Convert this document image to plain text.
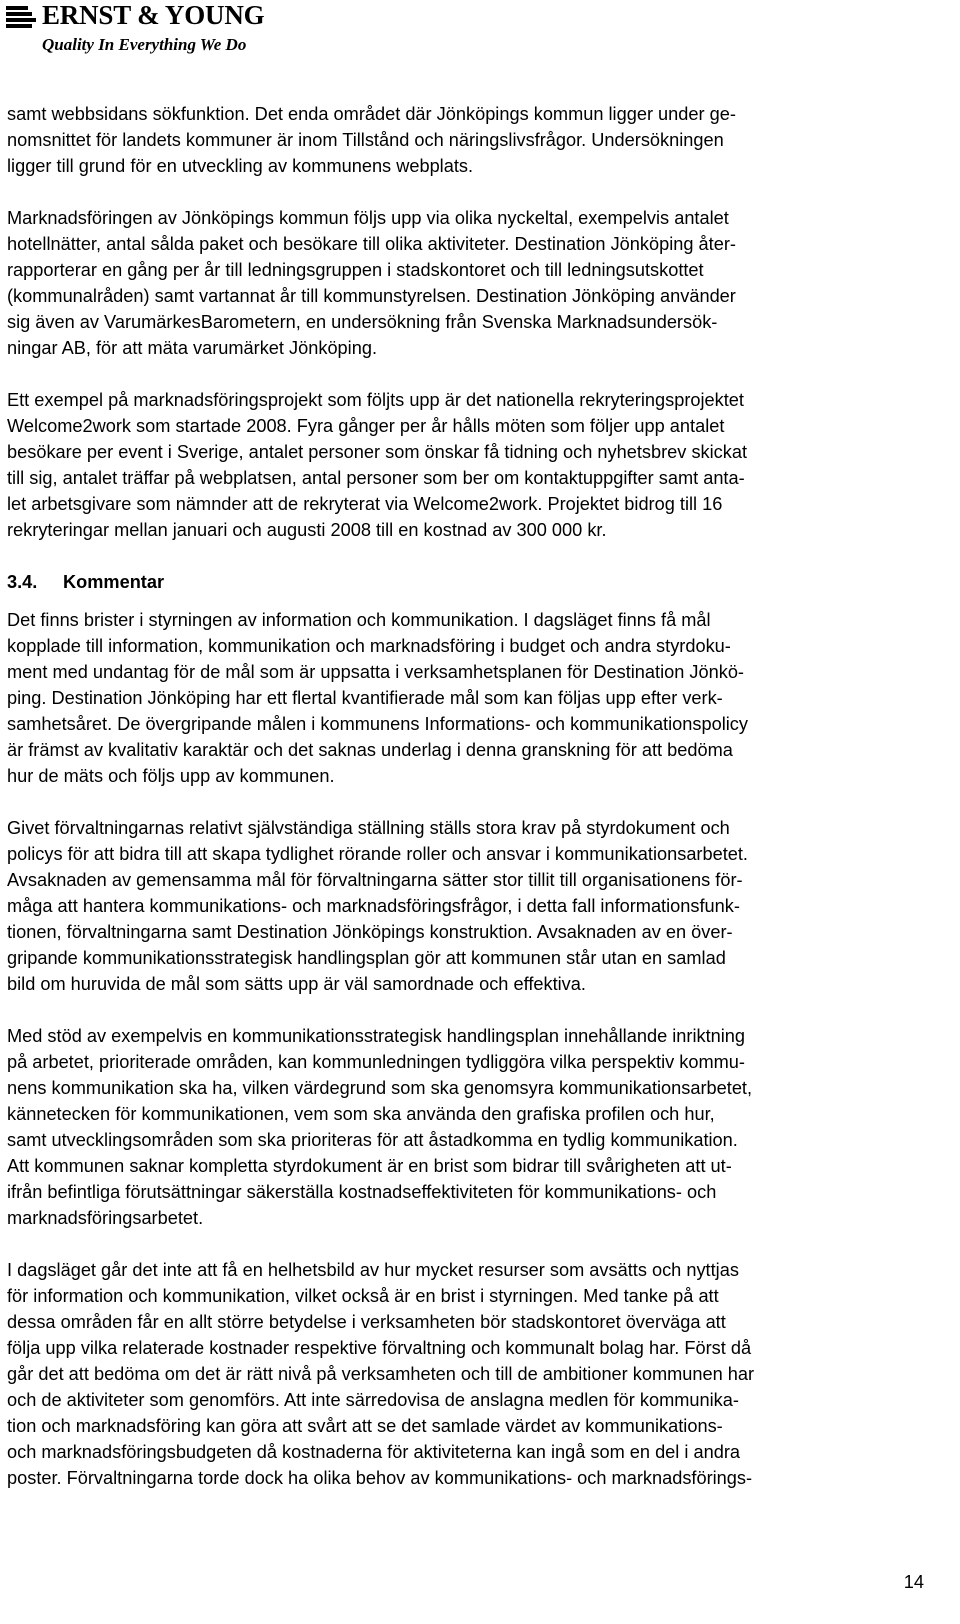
ERNST & YOUNG
Quality In Everything We Do

samt webbsidans sökfunktion. Det enda området där Jönköpings kommun ligger under ge-
nomsnittet för landets kommuner är inom Tillstånd och näringslivsfrågor. Undersökningen
ligger till grund för en utveckling av kommunens webplats.

Marknadsföringen av Jönköpings kommun följs upp via olika nyckeltal, exempelvis antalet
hotellnätter, antal sålda paket och besökare till olika aktiviteter. Destination Jönköping åter-
rapporterar en gång per år till ledningsgruppen i stadskontoret och till ledningsutskottet
(kommunalråden) samt vartannat år till kommunstyrelsen. Destination Jönköping använder
sig även av VarumärkesBarometern, en undersökning från Svenska Marknadsundersök-
ningar AB, för att mäta varumärket Jönköping.

Ett exempel på marknadsföringsprojekt som följts upp är det nationella rekryteringsprojektet
Welcome2work som startade 2008. Fyra gånger per år hålls möten som följer upp antalet
besökare per event i Sverige, antalet personer som önskar få tidning och nyhetsbrev skickat
till sig, antalet träffar på webplatsen, antal personer som ber om kontaktuppgifter samt anta-
let arbetsgivare som nämnder att de rekryterat via Welcome2work. Projektet bidrog till 16
rekryteringar mellan januari och augusti 2008 till en kostnad av 300 000 kr.

3.4. Kommentar

Det finns brister i styrningen av information och kommunikation. I dagsläget finns få mål
kopplade till information, kommunikation och marknadsföring i budget och andra styrdoku-
ment med undantag för de mål som är uppsatta i verksamhetsplanen för Destination Jönkö-
ping. Destination Jönköping har ett flertal kvantifierade mål som kan följas upp efter verk-
samhetsåret. De övergripande målen i kommunens Informations- och kommunikationspolicy
är främst av kvalitativ karaktär och det saknas underlag i denna granskning för att bedöma
hur de mäts och följs upp av kommunen.

Givet förvaltningarnas relativt självständiga ställning ställs stora krav på styrdokument och
policys för att bidra till att skapa tydlighet rörande roller och ansvar i kommunikationsarbetet.
Avsaknaden av gemensamma mål för förvaltningarna sätter stor tillit till organisationens för-
måga att hantera kommunikations- och marknadsföringsfrågor, i detta fall informationsfunk-
tionen, förvaltningarna samt Destination Jönköpings konstruktion. Avsaknaden av en över-
gripande kommunikationsstrategisk handlingsplan gör att kommunen står utan en samlad
bild om huruvida de mål som sätts upp är väl samordnade och effektiva.

Med stöd av exempelvis en kommunikationsstrategisk handlingsplan innehållande inriktning
på arbetet, prioriterade områden, kan kommunledningen tydliggöra vilka perspektiv kommu-
nens kommunikation ska ha, vilken värdegrund som ska genomsyra kommunikationsarbetet,
kännetecken för kommunikationen, vem som ska använda den grafiska profilen och hur,
samt utvecklingsområden som ska prioriteras för att åstadkomma en tydlig kommunikation.
Att kommunen saknar kompletta styrdokument är en brist som bidrar till svårigheten att ut-
ifrån befintliga förutsättningar säkerställa kostnadseffektiviteten för kommunikations- och
marknadsföringsarbetet.

I dagsläget går det inte att få en helhetsbild av hur mycket resurser som avsätts och nyttjas
för information och kommunikation, vilket också är en brist i styrningen. Med tanke på att
dessa områden får en allt större betydelse i verksamheten bör stadskontoret överväga att
följa upp vilka relaterade kostnader respektive förvaltning och kommunalt bolag har. Först då
går det att bedöma om det är rätt nivå på verksamheten och till de ambitioner kommunen har
och de aktiviteter som genomförs. Att inte särredovisa de anslagna medlen för kommunika-
tion och marknadsföring kan göra att svårt att se det samlade värdet av kommunikations-
och marknadsföringsbudgeten då kostnaderna för aktiviteterna kan ingå som en del i andra
poster. Förvaltningarna torde dock ha olika behov av kommunikations- och marknadsförings-

14
